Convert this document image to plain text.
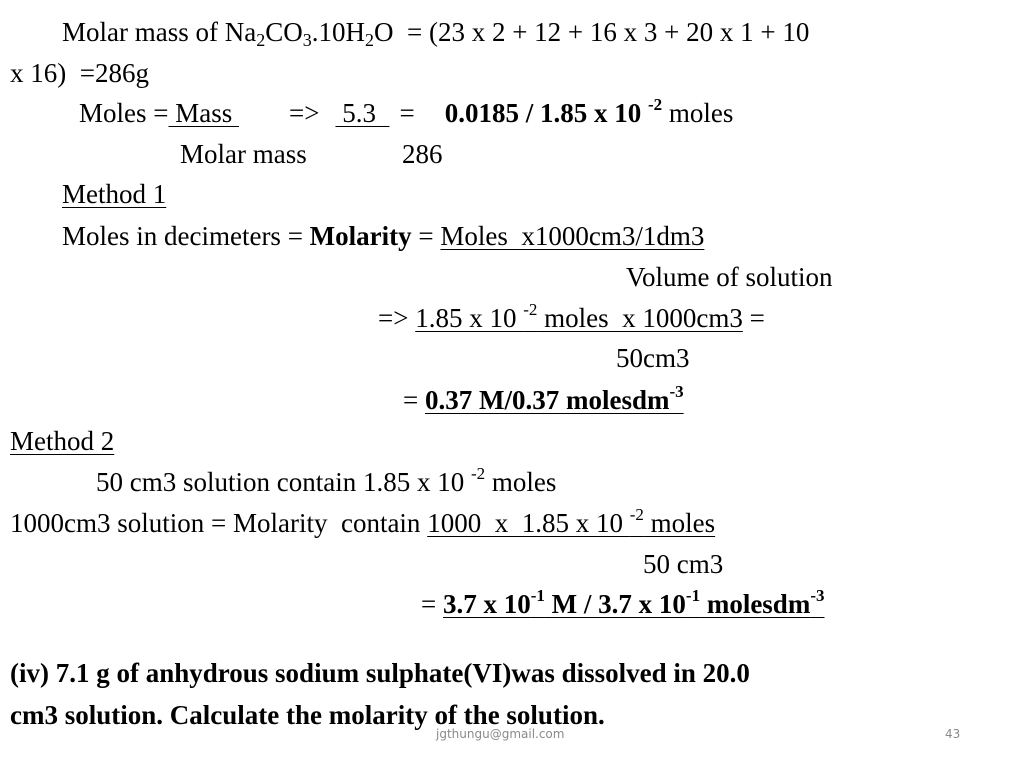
Molar mass of $Na_2CO_3.10H_2O = (23$ x 2 + 12 + 16 x 3 + 20 x 1 + 10
x 16)  =286g
Moles = Mass => 5.3  = 0.0185 / 1.85 x 10 $^{-2}$ moles
Molar mass	286
Method 1
Moles in decimeters = Molarity = Moles  x1000cm3/1dm3
Volume of solution
=> 1.85 x 10 $^{-2}$ moles  x 1000cm3 =
50cm3
= 0.37 M/0.37 molesdm$^{-3}$
Method 2
50 cm3 solution contain 1.85 x 10 $^{-2}$ moles
1000cm3 solution = Molarity  contain 1000  x  1.85 x 10 $^{-2}$ moles
50 cm3
= 3.7 x $10^{-1}$ M / 3.7 x $10^{-1}$ molesdm$^{-3}$
(iv) 7.1 g of anhydrous sodium sulphate(VI)was dissolved in 20.0
cm3 solution. Calculate the molarity of the solution.
jgthungu@gmail.com	43
